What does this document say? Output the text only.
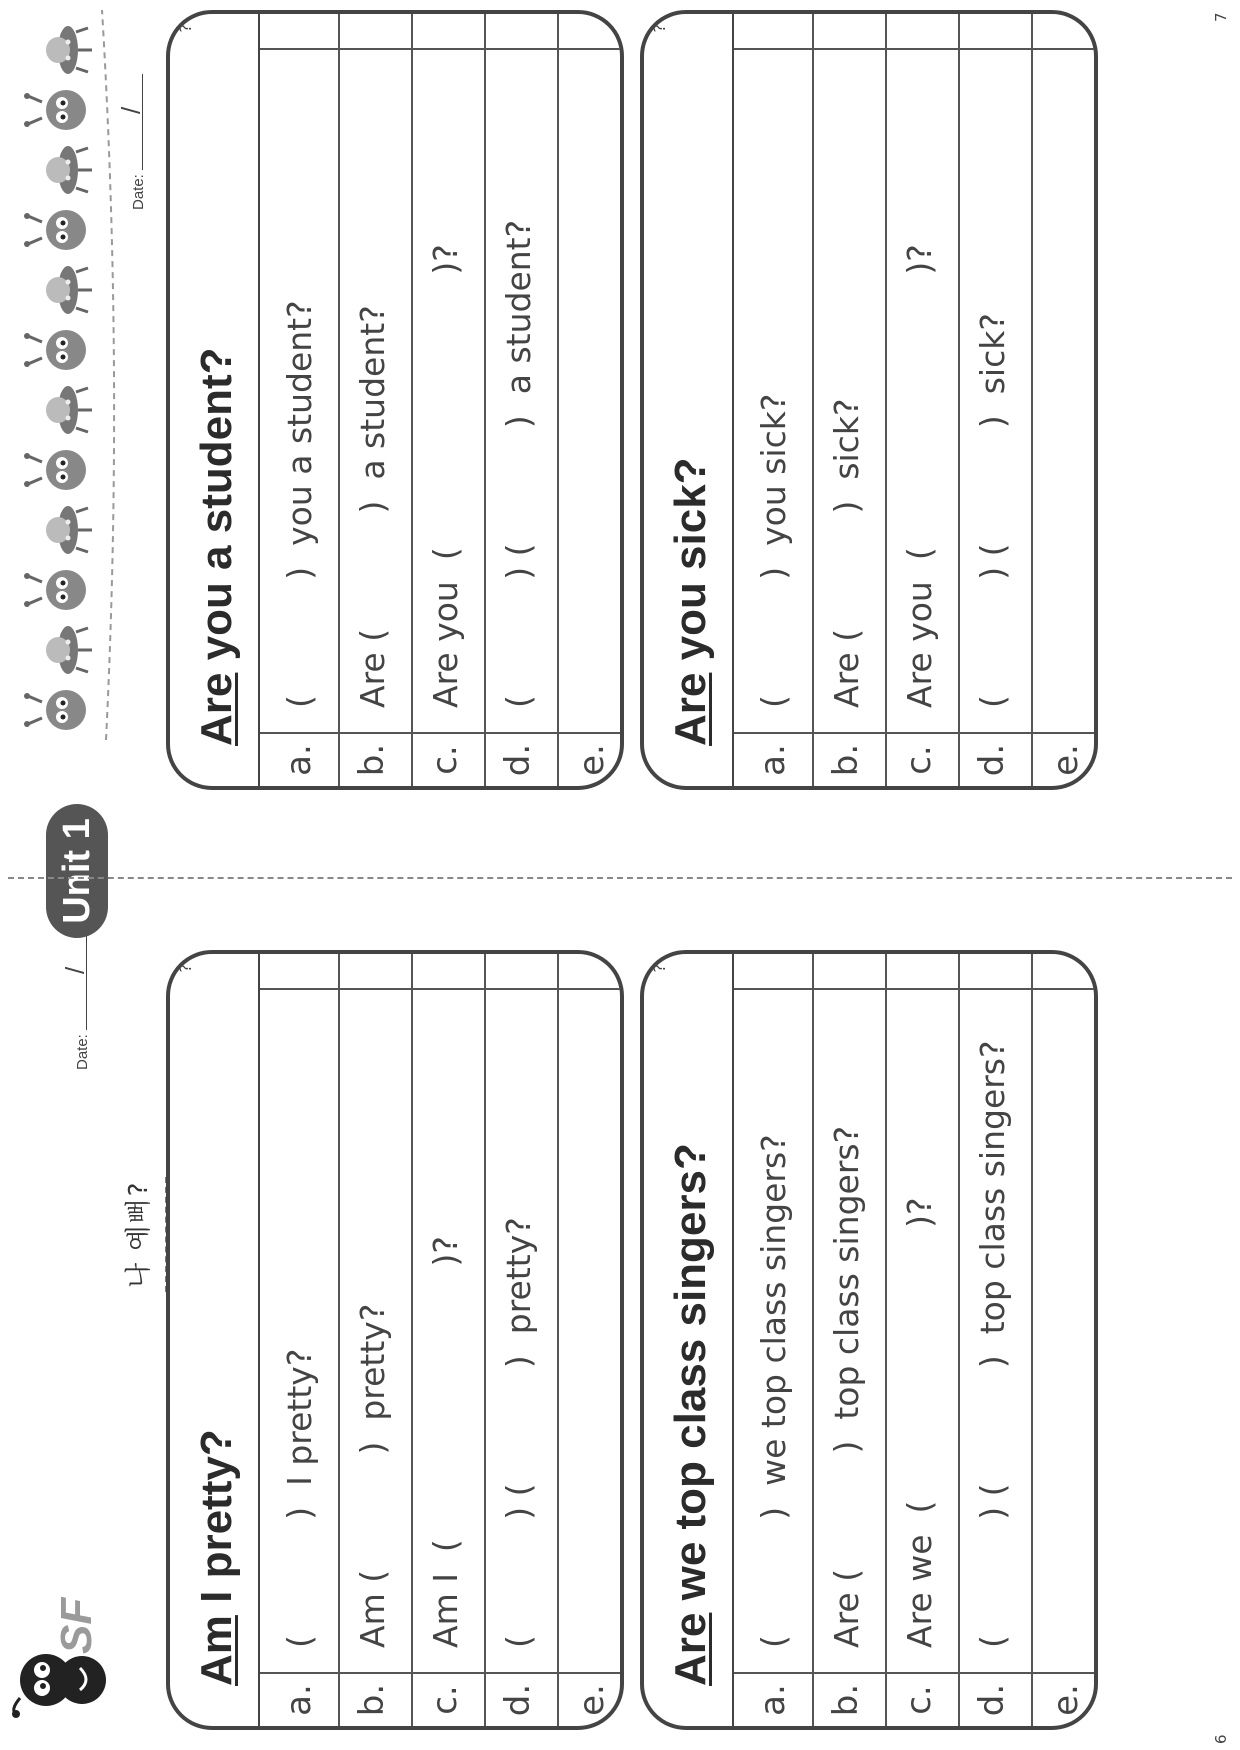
SF
나 예뻐?
Date:
/
Unit 1
Am I pretty?
?
a.
(           )  I pretty?
b.
Am (           )  pretty?
c.
Am I  (                          )?
d.
(           ) (           )  pretty?
e.
Are we top class singers?
?
a.
(           )  we top class singers?
b.
Are (           )  top class singers?
c.
Are we  (                          )?
d.
(           ) (           )  top class singers?
e.
Date:
/
Are you a student?
?
a.
(           )  you a student?
b.
Are (           )  a student?
c.
Are you  (                          )?
d.
(           ) (           )  a student?
e.
Are you sick?
?
a.
(           )  you sick?
b.
Are (           )  sick?
c.
Are you  (                          )?
d.
(           ) (           )  sick?
e.
6
7
